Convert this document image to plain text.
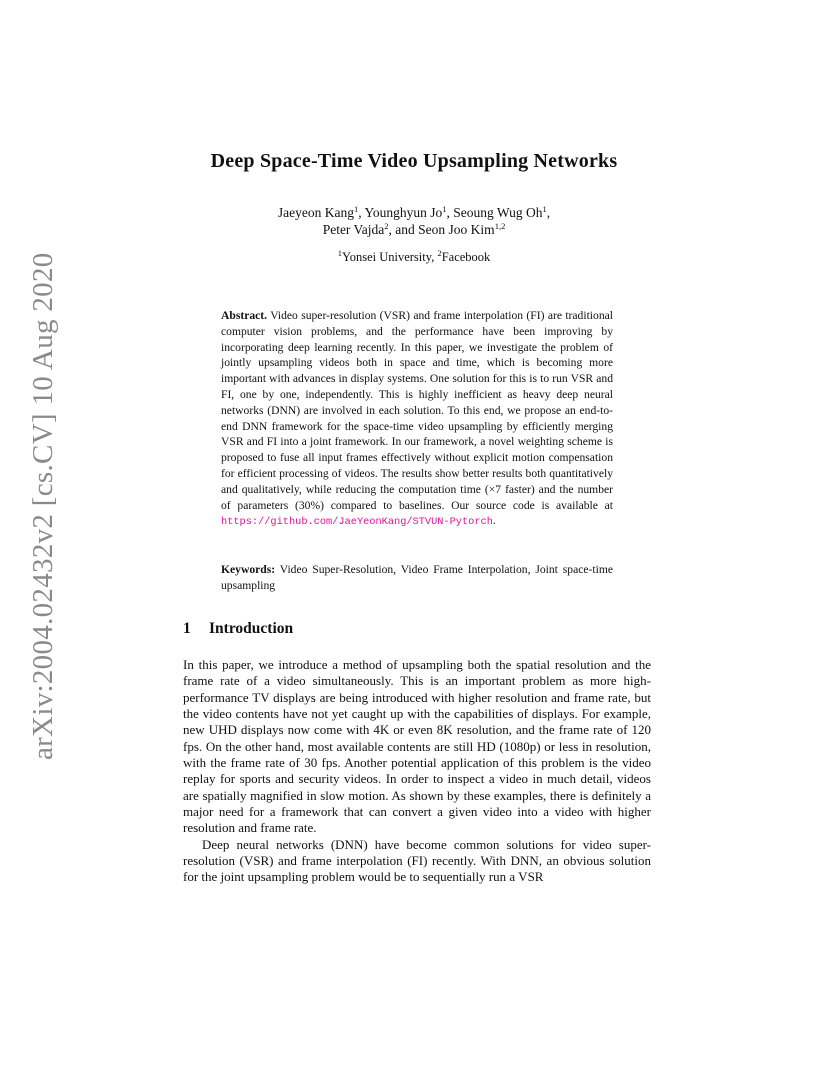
arXiv:2004.02432v2 [cs.CV] 10 Aug 2020
Deep Space-Time Video Upsampling Networks
Jaeyeon Kang$^1$, Younghyun Jo$^1$, Seoung Wug Oh$^1$,
Peter Vajda$^2$, and Seon Joo Kim$^{1,2}$
$^1$Yonsei University, $^2$Facebook
Abstract. Video super-resolution (VSR) and frame interpolation (FI) are traditional computer vision problems, and the performance have been improving by incorporating deep learning recently. In this paper, we investigate the problem of jointly upsampling videos both in space and time, which is becoming more important with advances in display systems. One solution for this is to run VSR and FI, one by one, independently. This is highly inefficient as heavy deep neural networks (DNN) are involved in each solution. To this end, we propose an end-to-end DNN framework for the space-time video upsampling by efficiently merging VSR and FI into a joint framework. In our framework, a novel weighting scheme is proposed to fuse all input frames effectively without explicit motion compensation for efficient processing of videos. The results show better results both quantitatively and qualitatively, while reducing the computation time (×7 faster) and the number of parameters (30%) compared to baselines. Our source code is available at https://github.com/JaeYeonKang/STVUN-Pytorch.
Keywords: Video Super-Resolution, Video Frame Interpolation, Joint space-time upsampling
1 Introduction

In this paper, we introduce a method of upsampling both the spatial resolution and the frame rate of a video simultaneously. This is an important problem as more high-performance TV displays are being introduced with higher resolution and frame rate, but the video contents have not yet caught up with the capabilities of displays. For example, new UHD displays now come with 4K or even 8K resolution, and the frame rate of 120 fps. On the other hand, most available contents are still HD (1080p) or less in resolution, with the frame rate of 30 fps. Another potential application of this problem is the video replay for sports and security videos. In order to inspect a video in much detail, videos are spatially magnified in slow motion. As shown by these examples, there is definitely a major need for a framework that can convert a given video into a video with higher resolution and frame rate.

Deep neural networks (DNN) have become common solutions for video super-resolution (VSR) and frame interpolation (FI) recently. With DNN, an obvious solution for the joint upsampling problem would be to sequentially run a VSR
